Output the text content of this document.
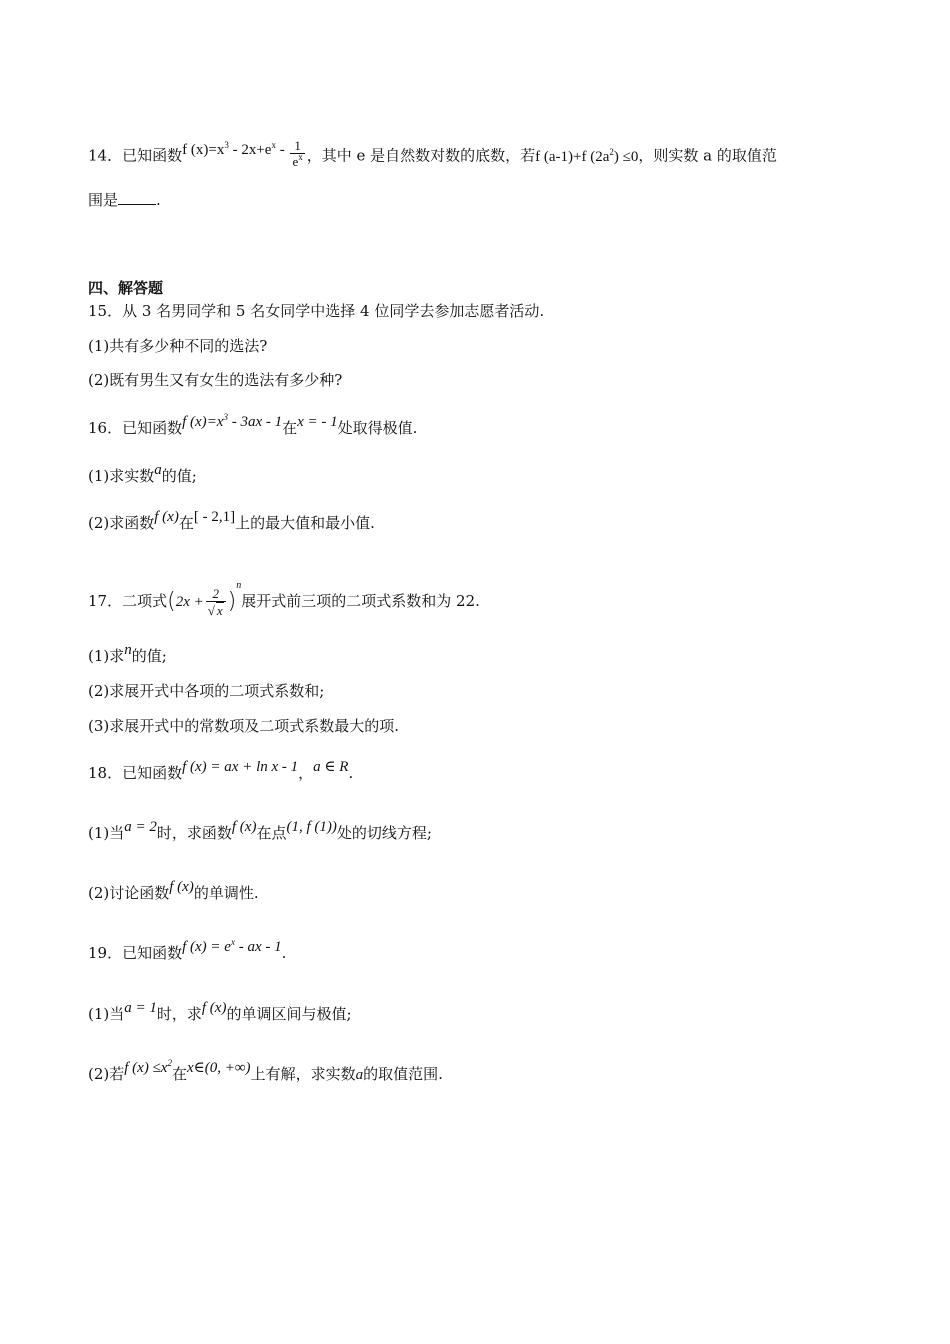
14．已知函数f $(x)=x^3 - 2x+e^x - \frac{1}{e^x}$ ，其中 e 是自然数对数的底数，若f (a-1)+f $(2a^2) \le 0$，则实数 a 的取值范
围是	.
四、解答题
15．从 3 名男同学和 5 名女同学中选择 4 位同学去参加志愿者活动.
(1)共有多少种不同的选法?
(2)既有男生又有女生的选法有多少种?
16．已知函数f $(x)=x^3 - 3ax - 1$在x = - 1处取得极值.
(1)求实数a的值;
(2)求函数f (x)在[ - 2,1]上的最大值和最小值.
17．二项式$(2x + \frac{2}{√ x} )^n$展开式前三项的二项式系数和为 22.
(1)求n的值;
(2)求展开式中各项的二项式系数和;
(3)求展开式中的常数项及二项式系数最大的项.
18．已知函数f (x) = ax + ln x - 1，a ∈ R.
(1)当a = 2时，求函数f (x)在点(1, f (1))处的切线方程;
(2)讨论函数f (x)的单调性.
19．已知函数f $(x) = e^x$ - ax - 1.
(1)当a = 1时，求f (x)的单调区间与极值;
(2)若f $(x) \le x^2$在x∈(0, +∞)上有解，求实数a的取值范围.
